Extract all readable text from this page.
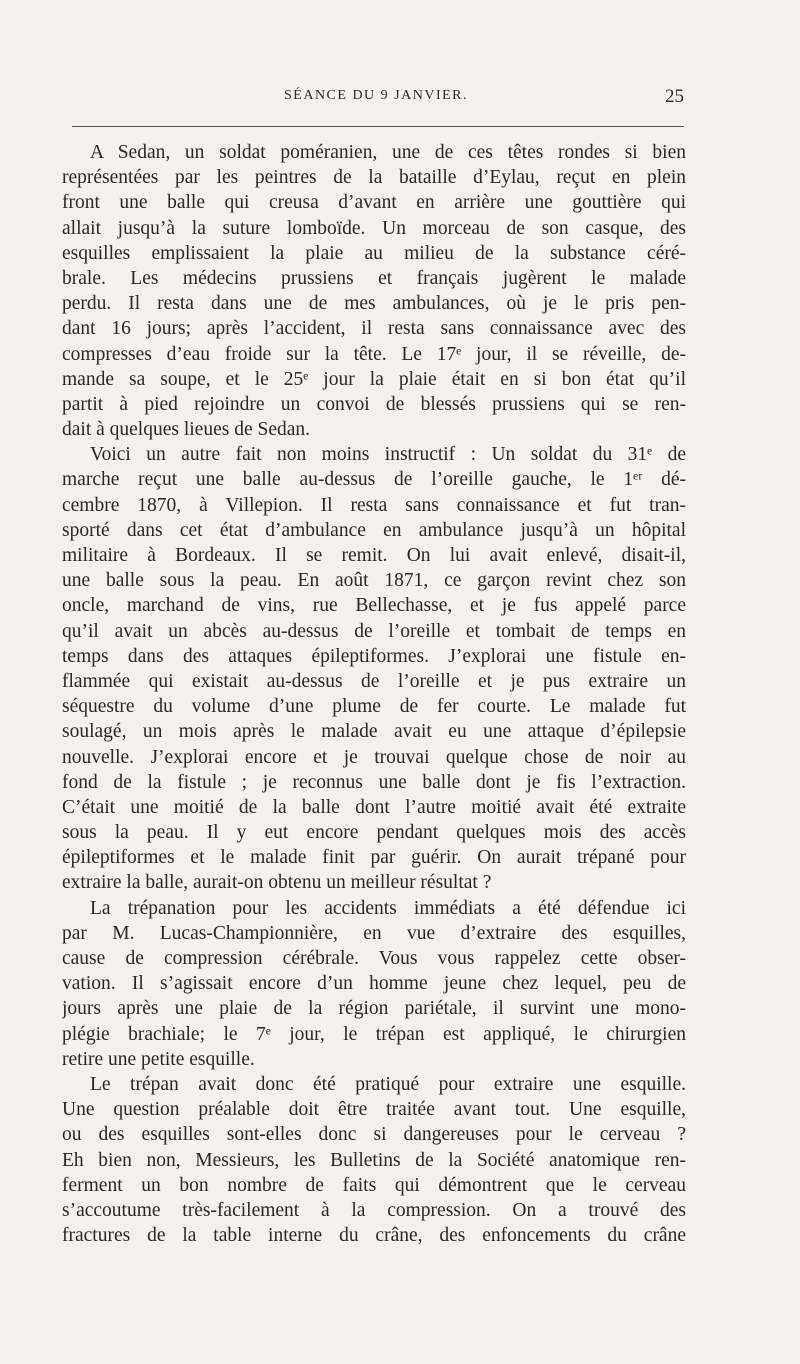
SÉANCE DU 9 JANVIER.	25
A Sedan, un soldat poméranien, une de ces têtes rondes si bien
représentées par les peintres de la bataille d’Eylau, reçut en plein
front une balle qui creusa d’avant en arrière une gouttière qui
allait jusqu’à la suture lomboïde. Un morceau de son casque, des
esquilles emplissaient la plaie au milieu de la substance céré-
brale. Les médecins prussiens et français jugèrent le malade
perdu. Il resta dans une de mes ambulances, où je le pris pen-
dant 16 jours; après l’accident, il resta sans connaissance avec des
compresses d’eau froide sur la tête. Le 17ᵉ jour, il se réveille, de-
mande sa soupe, et le 25ᵉ jour la plaie était en si bon état qu’il
partit à pied rejoindre un convoi de blessés prussiens qui se ren-
dait à quelques lieues de Sedan.
Voici un autre fait non moins instructif : Un soldat du 31ᵉ de
marche reçut une balle au-dessus de l’oreille gauche, le 1ᵉʳ dé-
cembre 1870, à Villepion. Il resta sans connaissance et fut tran-
sporté dans cet état d’ambulance en ambulance jusqu’à un hôpital
militaire à Bordeaux. Il se remit. On lui avait enlevé, disait-il,
une balle sous la peau. En août 1871, ce garçon revint chez son
oncle, marchand de vins, rue Bellechasse, et je fus appelé parce
qu’il avait un abcès au-dessus de l’oreille et tombait de temps en
temps dans des attaques épileptiformes. J’explorai une fistule en-
flammée qui existait au-dessus de l’oreille et je pus extraire un
séquestre du volume d’une plume de fer courte. Le malade fut
soulagé, un mois après le malade avait eu une attaque d’épilepsie
nouvelle. J’explorai encore et je trouvai quelque chose de noir au
fond de la fistule ; je reconnus une balle dont je fis l’extraction.
C’était une moitié de la balle dont l’autre moitié avait été extraite
sous la peau. Il y eut encore pendant quelques mois des accès
épileptiformes et le malade finit par guérir. On aurait trépané pour
extraire la balle, aurait-on obtenu un meilleur résultat ?
La trépanation pour les accidents immédiats a été défendue ici
par M. Lucas-Championnière, en vue d’extraire des esquilles,
cause de compression cérébrale. Vous vous rappelez cette obser-
vation. Il s’agissait encore d’un homme jeune chez lequel, peu de
jours après une plaie de la région pariétale, il survint une mono-
plégie brachiale; le 7ᵉ jour, le trépan est appliqué, le chirurgien
retire une petite esquille.
Le trépan avait donc été pratiqué pour extraire une esquille.
Une question préalable doit être traitée avant tout. Une esquille,
ou des esquilles sont-elles donc si dangereuses pour le cerveau ?
Eh bien non, Messieurs, les Bulletins de la Société anatomique ren-
ferment un bon nombre de faits qui démontrent que le cerveau
s’accoutume très-facilement à la compression. On a trouvé des
fractures de la table interne du crâne, des enfoncements du crâne
